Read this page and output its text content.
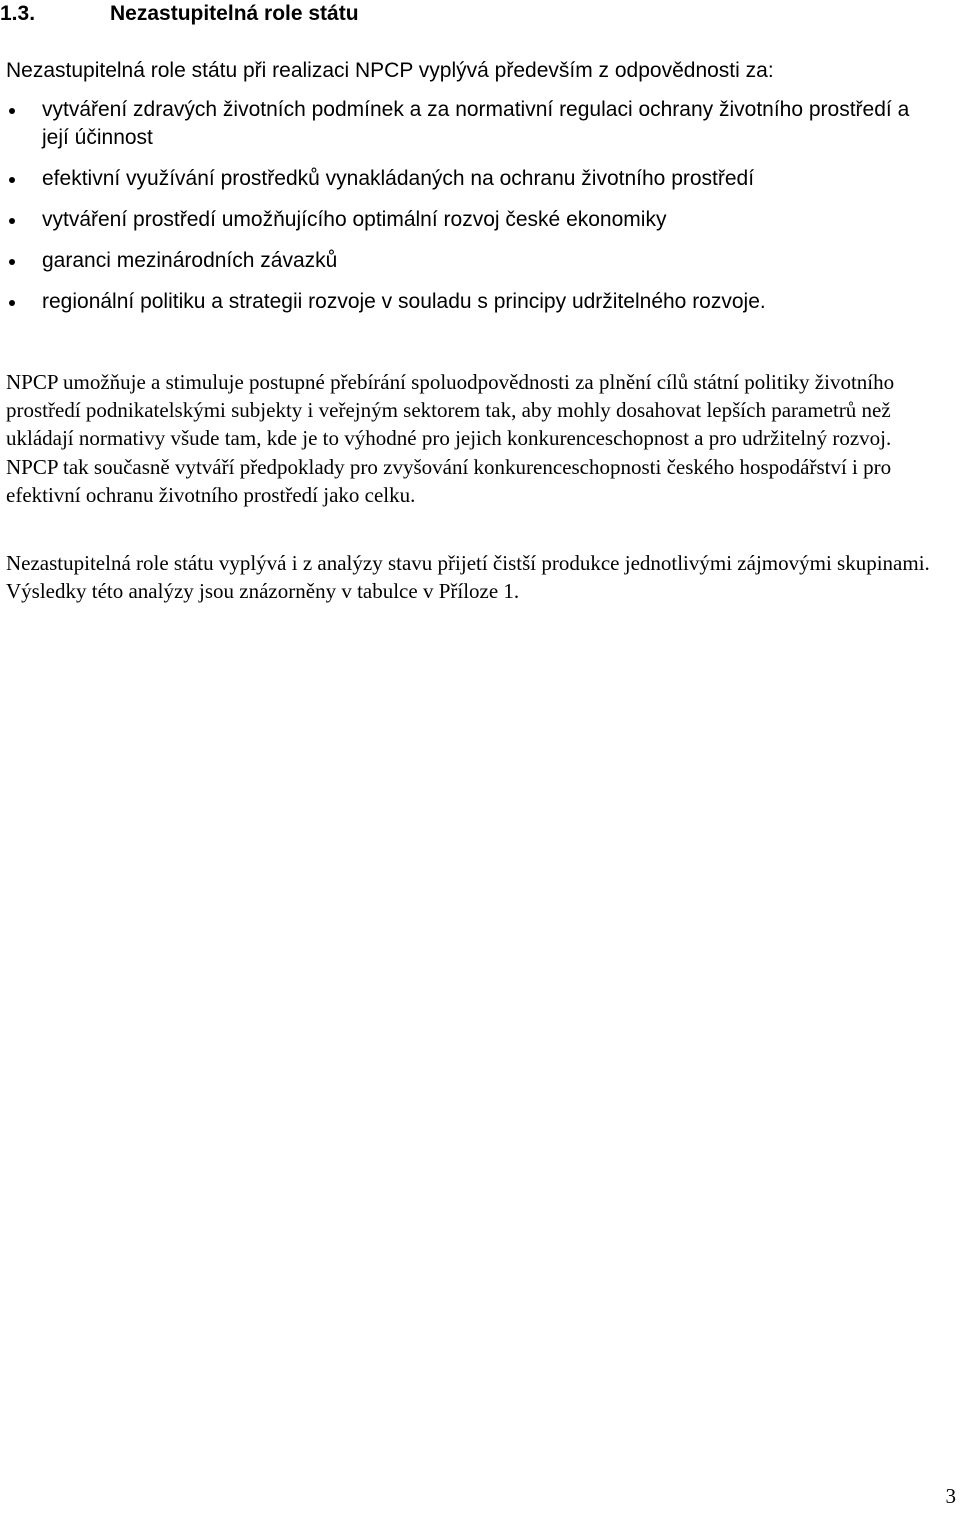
1.3.	Nezastupitelná role státu
Nezastupitelná role státu při realizaci NPCP vyplývá především z odpovědnosti za:
vytváření zdravých životních podmínek a za normativní regulaci ochrany životního prostředí a její účinnost
efektivní využívání prostředků vynakládaných na ochranu životního prostředí
vytváření prostředí umožňujícího optimální rozvoj české ekonomiky
garanci mezinárodních závazků
regionální politiku a strategii rozvoje v souladu s principy udržitelného rozvoje.

NPCP umožňuje a stimuluje postupné přebírání spoluodpovědnosti za plnění cílů státní politiky životního prostředí podnikatelskými subjekty i veřejným sektorem tak, aby mohly dosahovat lepších parametrů než ukládají normativy všude tam, kde je to výhodné pro jejich konkurenceschopnost a pro udržitelný rozvoj. NPCP tak současně vytváří předpoklady pro zvyšování konkurenceschopnosti českého hospodářství i pro efektivní ochranu životního prostředí jako celku.

Nezastupitelná role státu vyplývá i z analýzy stavu přijetí čistší produkce jednotlivými zájmovými skupinami. Výsledky této analýzy jsou znázorněny v tabulce v Příloze 1.

3
